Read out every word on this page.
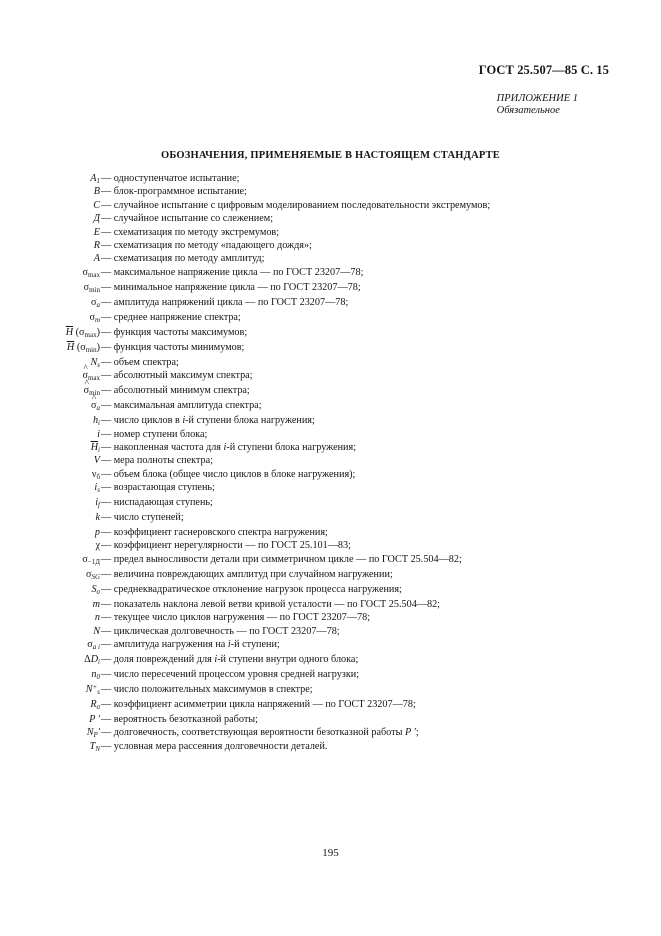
ГОСТ 25.507—85 С. 15
ПРИЛОЖЕНИЕ 1
Обязательное
ОБОЗНАЧЕНИЯ, ПРИМЕНЯЕМЫЕ В НАСТОЯЩЕМ СТАНДАРТЕ
$A_1$ — одноступенчатое испытание;
B — блок-программное испытание;
C — случайное испытание с цифровым моделированием последовательности экстремумов;
Д — случайное испытание со слежением;
E — схематизация по методу экстремумов;
R — схематизация по методу «падающего дождя»;
A — схематизация по методу амплитуд;
$\sigma_{max}$ — максимальное напряжение цикла — по ГОСТ 23207—78;
$\sigma_{min}$ — минимальное напряжение цикла — по ГОСТ 23207—78;
$\sigma_a$ — амплитуда напряжений цикла — по ГОСТ 23207—78;
$\sigma_m$ — среднее напряжение спектра;
$\overline{H}$ $(\sigma_{max})$ — функция частоты максимумов;
$\overline{H}$ $(\sigma_{min})$ — функция частоты минимумов;
$N_s$ — объем спектра;
^ $\sigma_{max}$ — абсолютный максимум спектра;
^ $\sigma_{min}$ — абсолютный минимум спектра;
^ $\sigma_a$ — максимальная амплитуда спектра;
$h_i$ — число циклов в i-й ступени блока нагружения;
i — номер ступени блока;
$\overline{H}_i$ — накопленная частота для i-й ступени блока нагружения;
V — мера полноты спектра;
$\nu_б$ — объем блока (общее число циклов в блоке нагружения);
$i_s$ — возрастающая ступень;
$i_f$ — ниспадающая ступень;
k — число ступеней;
p — коэффициент гаснеровского спектра нагружения;
χ — коэффициент нерегулярности — по ГОСТ 25.101—83;
$\sigma_{-1Д}$ — предел выносливости детали при симметричном цикле — по ГОСТ 25.504—82;
$\sigma_{SG}$ — величина повреждающих амплитуд при случайном нагружении;
$S_\sigma$ — среднеквадратическое отклонение нагрузок процесса нагружения;
m — показатель наклона левой ветви кривой усталости — по ГОСТ 25.504—82;
n — текущее число циклов нагружения — по ГОСТ 23207—78;
N — циклическая долговечность — по ГОСТ 23207—78;
$\sigma_{a i}$ — амплитуда нагружения на i-й ступени;
$\Delta D_i$ — доля повреждений для i-й ступени внутри одного блока;
$n_0$ — число пересечений процессом уровня средней нагрузки;
$N^+_s$ — число положительных максимумов в спектре;
$R_\sigma$ — коэффициент асимметрии цикла напряжений — по ГОСТ 23207—78;
P ′ — вероятность безотказной работы;
$N_P'$ — долговечность, соответствующая вероятности безотказной работы P ′;
$T_N$ — условная мера рассеяния долговечности деталей.
195
